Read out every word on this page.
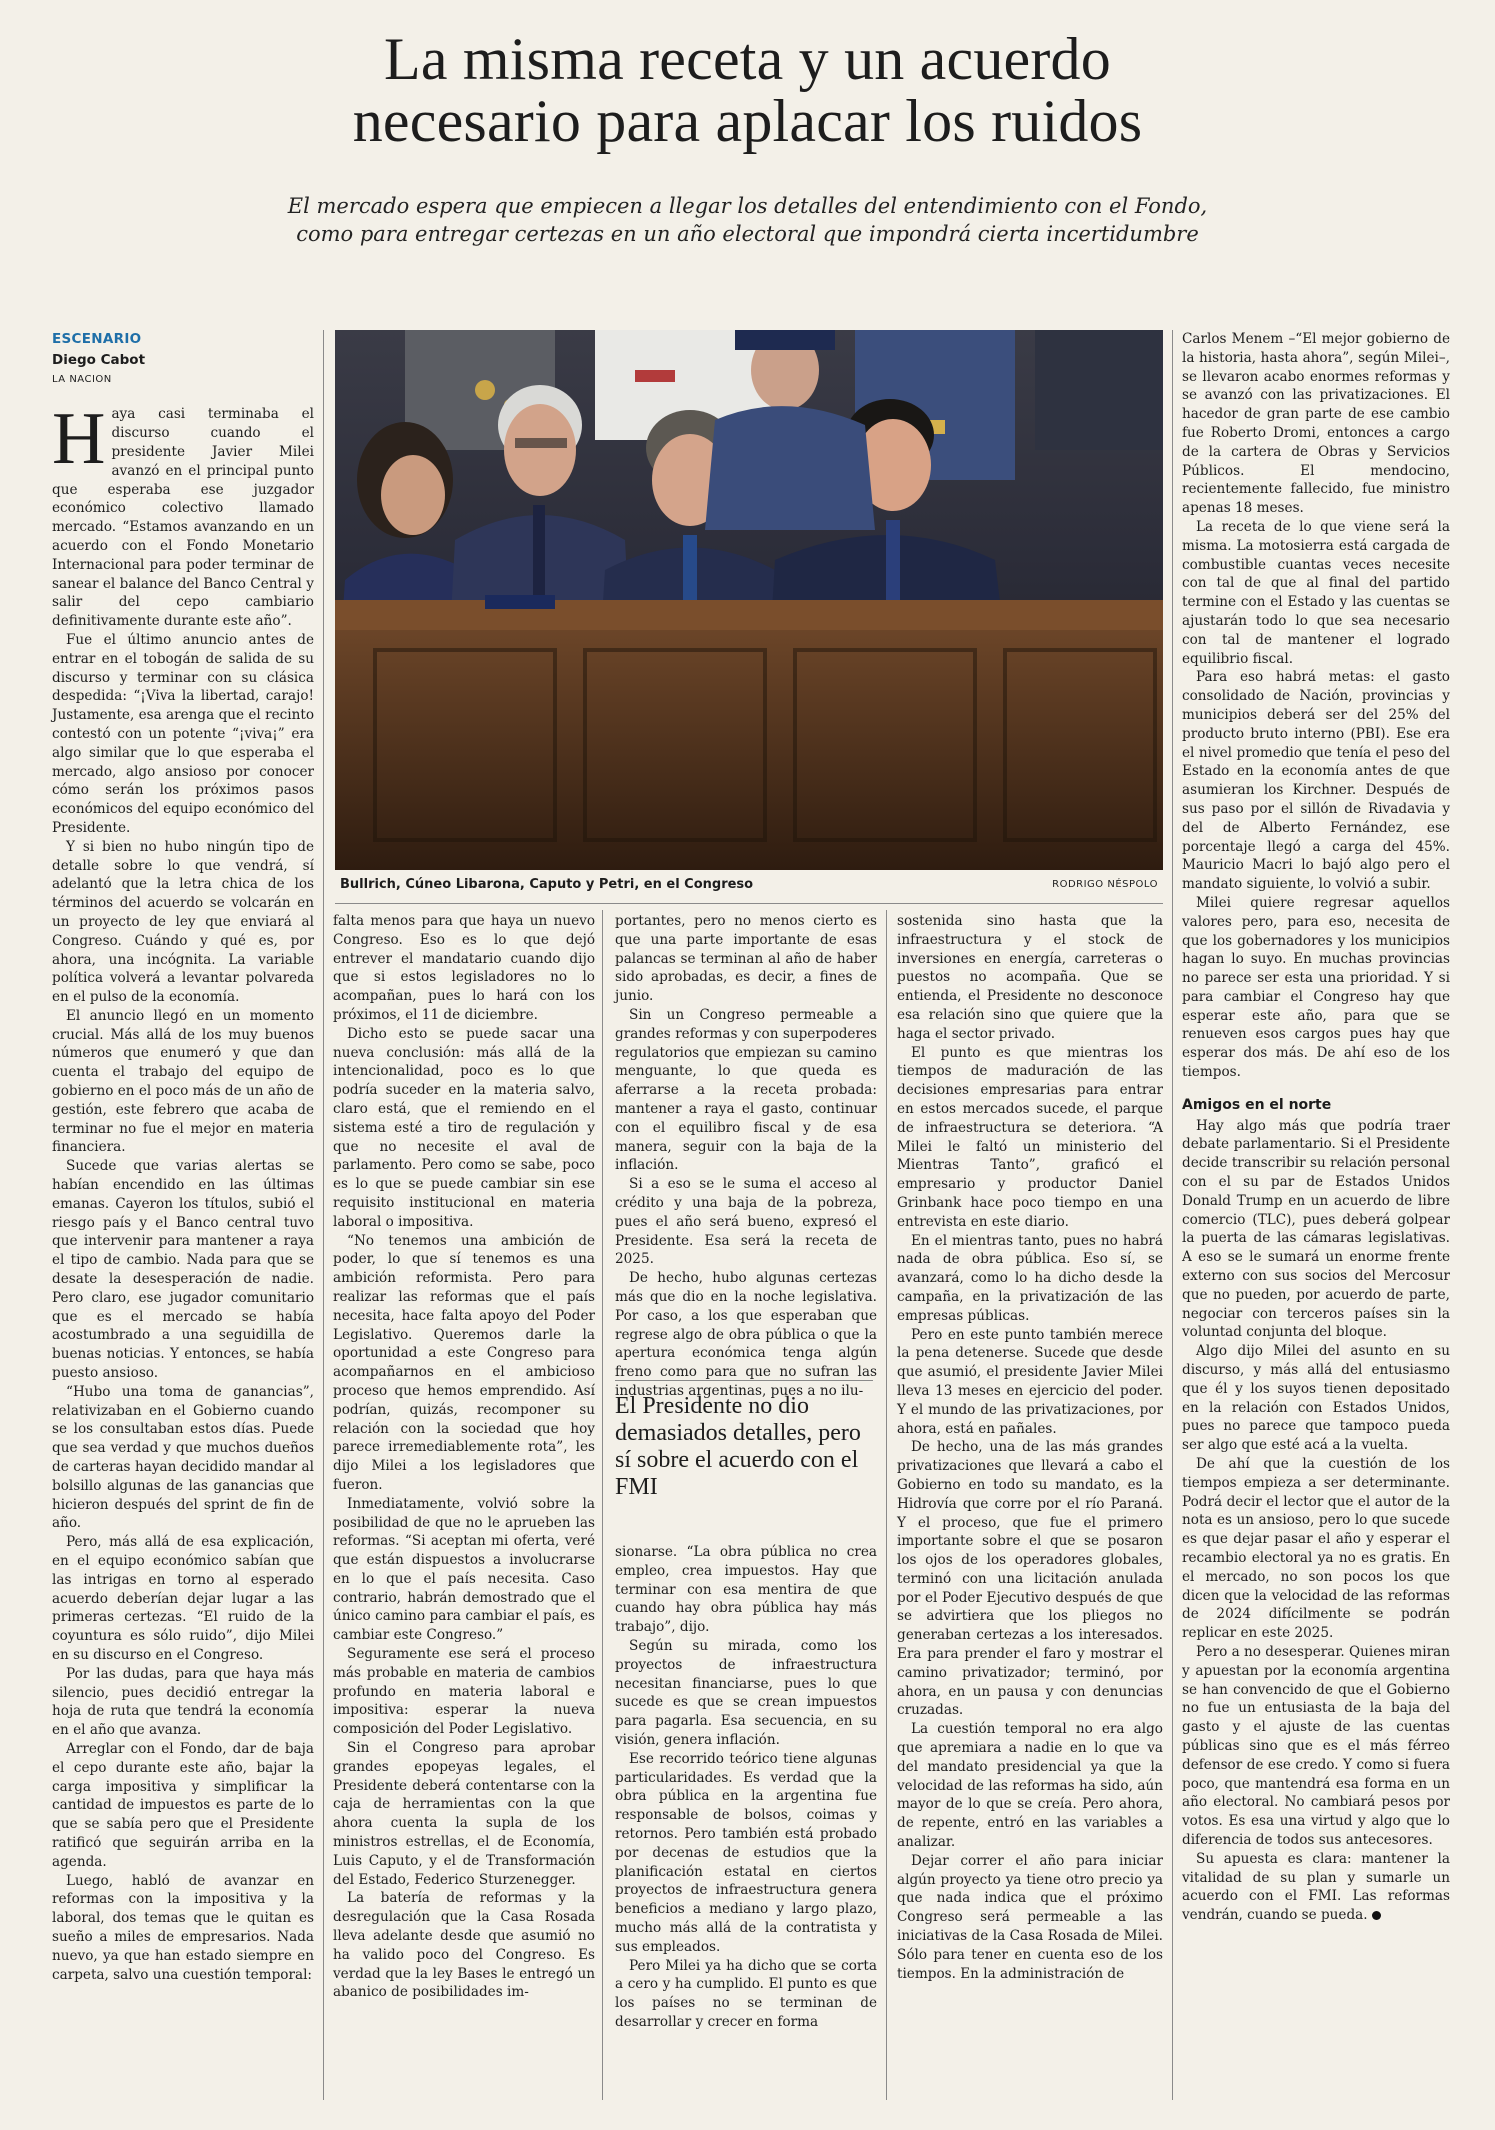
La misma receta y un acuerdo
necesario para aplacar los ruidos

El mercado espera que empiecen a llegar los detalles del entendimiento con el Fondo,
como para entregar certezas en un año electoral que impondrá cierta incertidumbre

ESCENARIO
Diego Cabot
LA NACION

Haya casi terminaba el discurso cuando el presidente Javier Milei avanzó en el principal punto que esperaba ese juzgador económico colectivo llamado mercado. “Estamos avanzando en un acuerdo con el Fondo Monetario Internacional para poder terminar de sanear el balance del Banco Central y salir del cepo cambiario definitivamente durante este año”.

Fue el último anuncio antes de entrar en el tobogán de salida de su discurso y terminar con su clásica despedida: “¡Viva la libertad, carajo! Justamente, esa arenga que el recinto contestó con un potente “¡viva¡” era algo similar que lo que esperaba el mercado, algo ansioso por conocer cómo serán los próximos pasos económicos del equipo económico del Presidente.

Y si bien no hubo ningún tipo de detalle sobre lo que vendrá, sí adelantó que la letra chica de los términos del acuerdo se volcarán en un proyecto de ley que enviará al Congreso. Cuándo y qué es, por ahora, una incógnita. La variable política volverá a levantar polvareda en el pulso de la economía.

El anuncio llegó en un momento crucial. Más allá de los muy buenos números que enumeró y que dan cuenta el trabajo del equipo de gobierno en el poco más de un año de gestión, este febrero que acaba de terminar no fue el mejor en materia financiera.

Sucede que varias alertas se habían encendido en las últimas emanas. Cayeron los títulos, subió el riesgo país y el Banco central tuvo que intervenir para mantener a raya el tipo de cambio. Nada para que se desate la desesperación de nadie. Pero claro, ese jugador comunitario que es el mercado se había acostumbrado a una seguidilla de buenas noticias. Y entonces, se había puesto ansioso.

“Hubo una toma de ganancias”, relativizaban en el Gobierno cuando se los consultaban estos días. Puede que sea verdad y que muchos dueños de carteras hayan decidido mandar al bolsillo algunas de las ganancias que hicieron después del sprint de fin de año.

Pero, más allá de esa explicación, en el equipo económico sabían que las intrigas en torno al esperado acuerdo deberían dejar lugar a las primeras certezas. “El ruido de la coyuntura es sólo ruido”, dijo Milei en su discurso en el Congreso.

Por las dudas, para que haya más silencio, pues decidió entregar la hoja de ruta que tendrá la economía en el año que avanza.

Arreglar con el Fondo, dar de baja el cepo durante este año, bajar la carga impositiva y simplificar la cantidad de impuestos es parte de lo que se sabía pero que el Presidente ratificó que seguirán arriba en la agenda.

Luego, habló de avanzar en reformas con la impositiva y la laboral, dos temas que le quitan es sueño a miles de empresarios. Nada nuevo, ya que han estado siempre en carpeta, salvo una cuestión temporal:

Bullrich, Cúneo Libarona, Caputo y Petri, en el Congreso	RODRIGO NÉSPOLO

falta menos para que haya un nuevo Congreso. Eso es lo que dejó entrever el mandatario cuando dijo que si estos legisladores no lo acompañan, pues lo hará con los próximos, el 11 de diciembre.

Dicho esto se puede sacar una nueva conclusión: más allá de la intencionalidad, poco es lo que podría suceder en la materia salvo, claro está, que el remiendo en el sistema esté a tiro de regulación y que no necesite el aval de parlamento. Pero como se sabe, poco es lo que se puede cambiar sin ese requisito institucional en materia laboral o impositiva.

“No tenemos una ambición de poder, lo que sí tenemos es una ambición reformista. Pero para realizar las reformas que el país necesita, hace falta apoyo del Poder Legislativo. Queremos darle la oportunidad a este Congreso para acompañarnos en el ambicioso proceso que hemos emprendido. Así podrían, quizás, recomponer su relación con la sociedad que hoy parece irremediablemente rota”, les dijo Milei a los legisladores que fueron.

Inmediatamente, volvió sobre la posibilidad de que no le aprueben las reformas. “Si aceptan mi oferta, veré que están dispuestos a involucrarse en lo que el país necesita. Caso contrario, habrán demostrado que el único camino para cambiar el país, es cambiar este Congreso.”

Seguramente ese será el proceso más probable en materia de cambios profundo en materia laboral e impositiva: esperar la nueva composición del Poder Legislativo.

Sin el Congreso para aprobar grandes epopeyas legales, el Presidente deberá contentarse con la caja de herramientas con la que ahora cuenta la supla de los ministros estrellas, el de Economía, Luis Caputo, y el de Transformación del Estado, Federico Sturzenegger.

La batería de reformas y la desregulación que la Casa Rosada lleva adelante desde que asumió no ha valido poco del Congreso. Es verdad que la ley Bases le entregó un abanico de posibilidades im-

portantes, pero no menos cierto es que una parte importante de esas palancas se terminan al año de haber sido aprobadas, es decir, a fines de junio.

Sin un Congreso permeable a grandes reformas y con superpoderes regulatorios que empiezan su camino menguante, lo que queda es aferrarse a la receta probada: mantener a raya el gasto, continuar con el equilibro fiscal y de esa manera, seguir con la baja de la inflación.

Si a eso se le suma el acceso al crédito y una baja de la pobreza, pues el año será bueno, expresó el Presidente. Esa será la receta de 2025.

De hecho, hubo algunas certezas más que dio en la noche legislativa. Por caso, a los que esperaban que regrese algo de obra pública o que la apertura económica tenga algún freno como para que no sufran las industrias argentinas, pues a no ilu-

El Presidente no dio demasiados detalles, pero sí sobre el acuerdo con el FMI

sionarse. “La obra pública no crea empleo, crea impuestos. Hay que terminar con esa mentira de que cuando hay obra pública hay más trabajo”, dijo.

Según su mirada, como los proyectos de infraestructura necesitan financiarse, pues lo que sucede es que se crean impuestos para pagarla. Esa secuencia, en su visión, genera inflación.

Ese recorrido teórico tiene algunas particularidades. Es verdad que la obra pública en la argentina fue responsable de bolsos, coimas y retornos. Pero también está probado por decenas de estudios que la planificación estatal en ciertos proyectos de infraestructura genera beneficios a mediano y largo plazo, mucho más allá de la contratista y sus empleados.

Pero Milei ya ha dicho que se corta a cero y ha cumplido. El punto es que los países no se terminan de desarrollar y crecer en forma

sostenida sino hasta que la infraestructura y el stock de inversiones en energía, carreteras o puestos no acompaña. Que se entienda, el Presidente no desconoce esa relación sino que quiere que la haga el sector privado.

El punto es que mientras los tiempos de maduración de las decisiones empresarias para entrar en estos mercados sucede, el parque de infraestructura se deteriora. “A Milei le faltó un ministerio del Mientras Tanto”, graficó el empresario y productor Daniel Grinbank hace poco tiempo en una entrevista en este diario.

En el mientras tanto, pues no habrá nada de obra pública. Eso sí, se avanzará, como lo ha dicho desde la campaña, en la privatización de las empresas públicas.

Pero en este punto también merece la pena detenerse. Sucede que desde que asumió, el presidente Javier Milei lleva 13 meses en ejercicio del poder. Y el mundo de las privatizaciones, por ahora, está en pañales.

De hecho, una de las más grandes privatizaciones que llevará a cabo el Gobierno en todo su mandato, es la Hidrovía que corre por el río Paraná. Y el proceso, que fue el primero importante sobre el que se posaron los ojos de los operadores globales, terminó con una licitación anulada por el Poder Ejecutivo después de que se advirtiera que los pliegos no generaban certezas a los interesados. Era para prender el faro y mostrar el camino privatizador; terminó, por ahora, en un pausa y con denuncias cruzadas.

La cuestión temporal no era algo que apremiara a nadie en lo que va del mandato presidencial ya que la velocidad de las reformas ha sido, aún mayor de lo que se creía. Pero ahora, de repente, entró en las variables a analizar.

Dejar correr el año para iniciar algún proyecto ya tiene otro precio ya que nada indica que el próximo Congreso será permeable a las iniciativas de la Casa Rosada de Milei. Sólo para tener en cuenta eso de los tiempos. En la administración de

Carlos Menem –“El mejor gobierno de la historia, hasta ahora”, según Milei–, se llevaron acabo enormes reformas y se avanzó con las privatizaciones. El hacedor de gran parte de ese cambio fue Roberto Dromi, entonces a cargo de la cartera de Obras y Servicios Públicos. El mendocino, recientemente fallecido, fue ministro apenas 18 meses.

La receta de lo que viene será la misma. La motosierra está cargada de combustible cuantas veces necesite con tal de que al final del partido termine con el Estado y las cuentas se ajustarán todo lo que sea necesario con tal de mantener el logrado equilibrio fiscal.

Para eso habrá metas: el gasto consolidado de Nación, provincias y municipios deberá ser del 25% del producto bruto interno (PBI). Ese era el nivel promedio que tenía el peso del Estado en la economía antes de que asumieran los Kirchner. Después de sus paso por el sillón de Rivadavia y del de Alberto Fernández, ese porcentaje llegó a carga del 45%. Mauricio Macri lo bajó algo pero el mandato siguiente, lo volvió a subir.

Milei quiere regresar aquellos valores pero, para eso, necesita de que los gobernadores y los municipios hagan lo suyo. En muchas provincias no parece ser esta una prioridad. Y si para cambiar el Congreso hay que esperar este año, para que se renueven esos cargos pues hay que esperar dos más. De ahí eso de los tiempos.

Amigos en el norte

Hay algo más que podría traer debate parlamentario. Si el Presidente decide transcribir su relación personal con el su par de Estados Unidos Donald Trump en un acuerdo de libre comercio (TLC), pues deberá golpear la puerta de las cámaras legislativas. A eso se le sumará un enorme frente externo con sus socios del Mercosur que no pueden, por acuerdo de parte, negociar con terceros países sin la voluntad conjunta del bloque.

Algo dijo Milei del asunto en su discurso, y más allá del entusiasmo que él y los suyos tienen depositado en la relación con Estados Unidos, pues no parece que tampoco pueda ser algo que esté acá a la vuelta.

De ahí que la cuestión de los tiempos empieza a ser determinante. Podrá decir el lector que el autor de la nota es un ansioso, pero lo que sucede es que dejar pasar el año y esperar el recambio electoral ya no es gratis. En el mercado, no son pocos los que dicen que la velocidad de las reformas de 2024 difícilmente se podrán replicar en este 2025.

Pero a no desesperar. Quienes miran y apuestan por la economía argentina se han convencido de que el Gobierno no fue un entusiasta de la baja del gasto y el ajuste de las cuentas públicas sino que es el más férreo defensor de ese credo. Y como si fuera poco, que mantendrá esa forma en un año electoral. No cambiará pesos por votos. Es esa una virtud y algo que lo diferencia de todos sus antecesores.

Su apuesta es clara: mantener la vitalidad de su plan y sumarle un acuerdo con el FMI. Las reformas vendrán, cuando se pueda.
